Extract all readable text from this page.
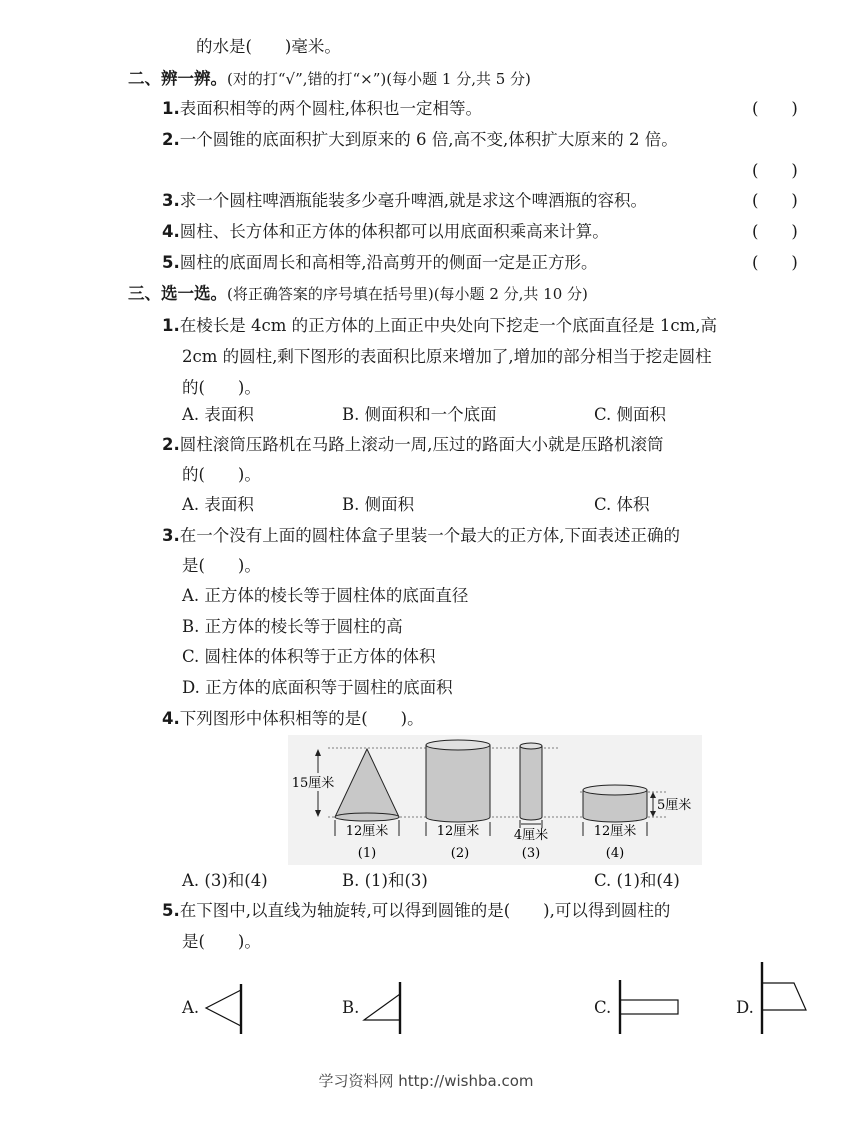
的水是(　　)毫米。
二、辨一辨。(对的打“√”,错的打“×”)(每小题 1 分,共 5 分)
1.表面积相等的两个圆柱,体积也一定相等。	(　　)
2.一个圆锥的底面积扩大到原来的 6 倍,高不变,体积扩大原来的 2 倍。
(　　)
3.求一个圆柱啤酒瓶能装多少毫升啤酒,就是求这个啤酒瓶的容积。	(　　)
4.圆柱、长方体和正方体的体积都可以用底面积乘高来计算。	(　　)
5.圆柱的底面周长和高相等,沿高剪开的侧面一定是正方形。	(　　)
三、选一选。(将正确答案的序号填在括号里)(每小题 2 分,共 10 分)
1.在棱长是 4cm 的正方体的上面正中央处向下挖走一个底面直径是 1cm,高
2cm 的圆柱,剩下图形的表面积比原来增加了,增加的部分相当于挖走圆柱
的(　　)。
A. 表面积	B. 侧面积和一个底面	C. 侧面积
2.圆柱滚筒压路机在马路上滚动一周,压过的路面大小就是压路机滚筒
的(　　)。
A. 表面积	B. 侧面积	C. 体积
3.在一个没有上面的圆柱体盒子里装一个最大的正方体,下面表述正确的
是(　　)。
A. 正方体的棱长等于圆柱体的底面直径
B. 正方体的棱长等于圆柱的高
C. 圆柱体的体积等于正方体的体积
D. 正方体的底面积等于圆柱的底面积
4.下列图形中体积相等的是(　　)。
15厘米
5厘米
12厘米	12厘米	4厘米	12厘米
(1)	(2)	(3)	(4)
A. (3)和(4)	B. (1)和(3)	C. (1)和(4)
5.在下图中,以直线为轴旋转,可以得到圆锥的是(　　),可以得到圆柱的
是(　　)。
A.	B.	C.	D.
学习资料网 http://wishba.com
